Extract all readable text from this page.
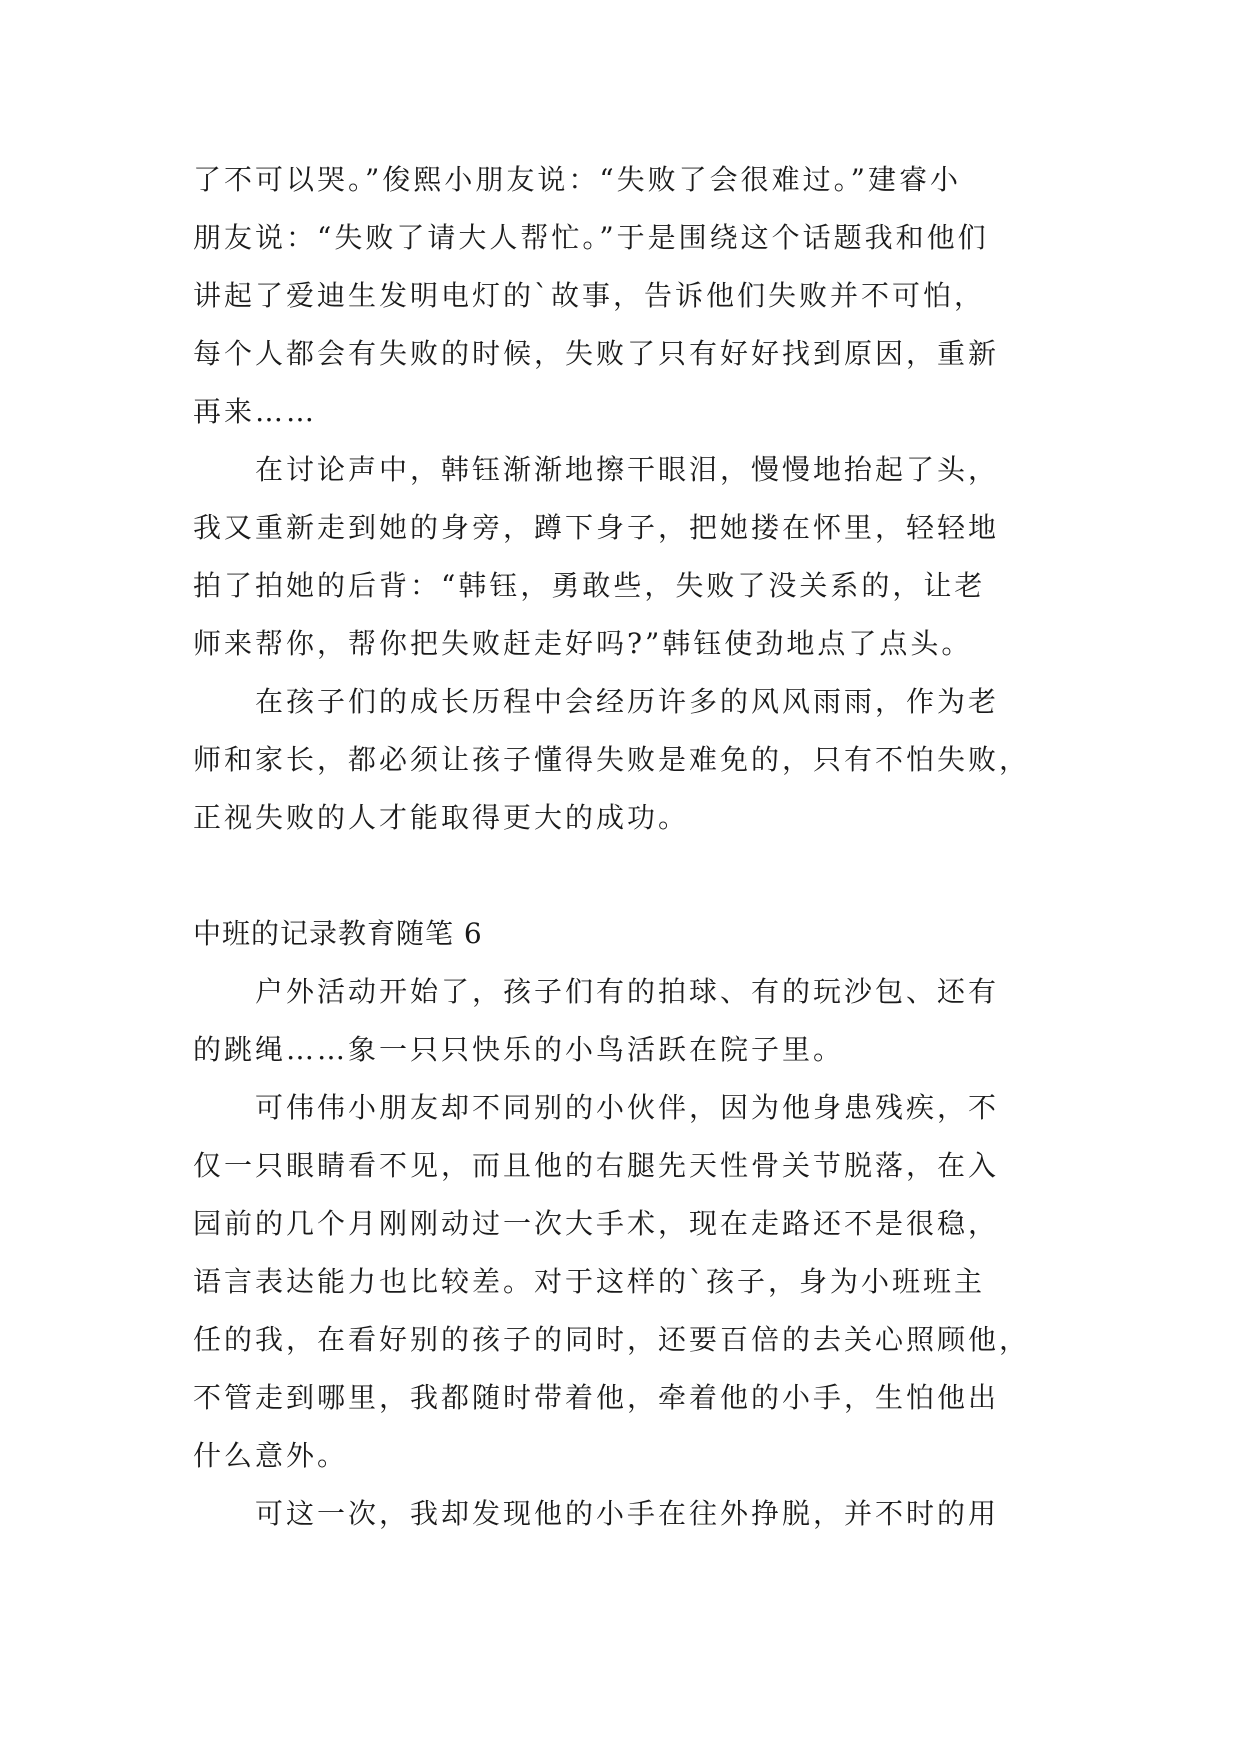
了不可以哭。”俊熙小朋友说：“失败了会很难过。”建睿小
朋友说：“失败了请大人帮忙。”于是围绕这个话题我和他们
讲起了爱迪生发明电灯的`故事，告诉他们失败并不可怕，
每个人都会有失败的时候，失败了只有好好找到原因，重新
再来……
在讨论声中，韩钰渐渐地擦干眼泪，慢慢地抬起了头，
我又重新走到她的身旁，蹲下身子，把她搂在怀里，轻轻地
拍了拍她的后背：“韩钰，勇敢些，失败了没关系的，让老
师来帮你，帮你把失败赶走好吗?”韩钰使劲地点了点头。
在孩子们的成长历程中会经历许多的风风雨雨，作为老
师和家长，都必须让孩子懂得失败是难免的，只有不怕失败，
正视失败的人才能取得更大的成功。
中班的记录教育随笔 6
户外活动开始了，孩子们有的拍球、有的玩沙包、还有
的跳绳……象一只只快乐的小鸟活跃在院子里。
可伟伟小朋友却不同别的小伙伴，因为他身患残疾，不
仅一只眼睛看不见，而且他的右腿先天性骨关节脱落，在入
园前的几个月刚刚动过一次大手术，现在走路还不是很稳，
语言表达能力也比较差。对于这样的`孩子，身为小班班主
任的我，在看好别的孩子的同时，还要百倍的去关心照顾他，
不管走到哪里，我都随时带着他，牵着他的小手，生怕他出
什么意外。
可这一次，我却发现他的小手在往外挣脱，并不时的用
